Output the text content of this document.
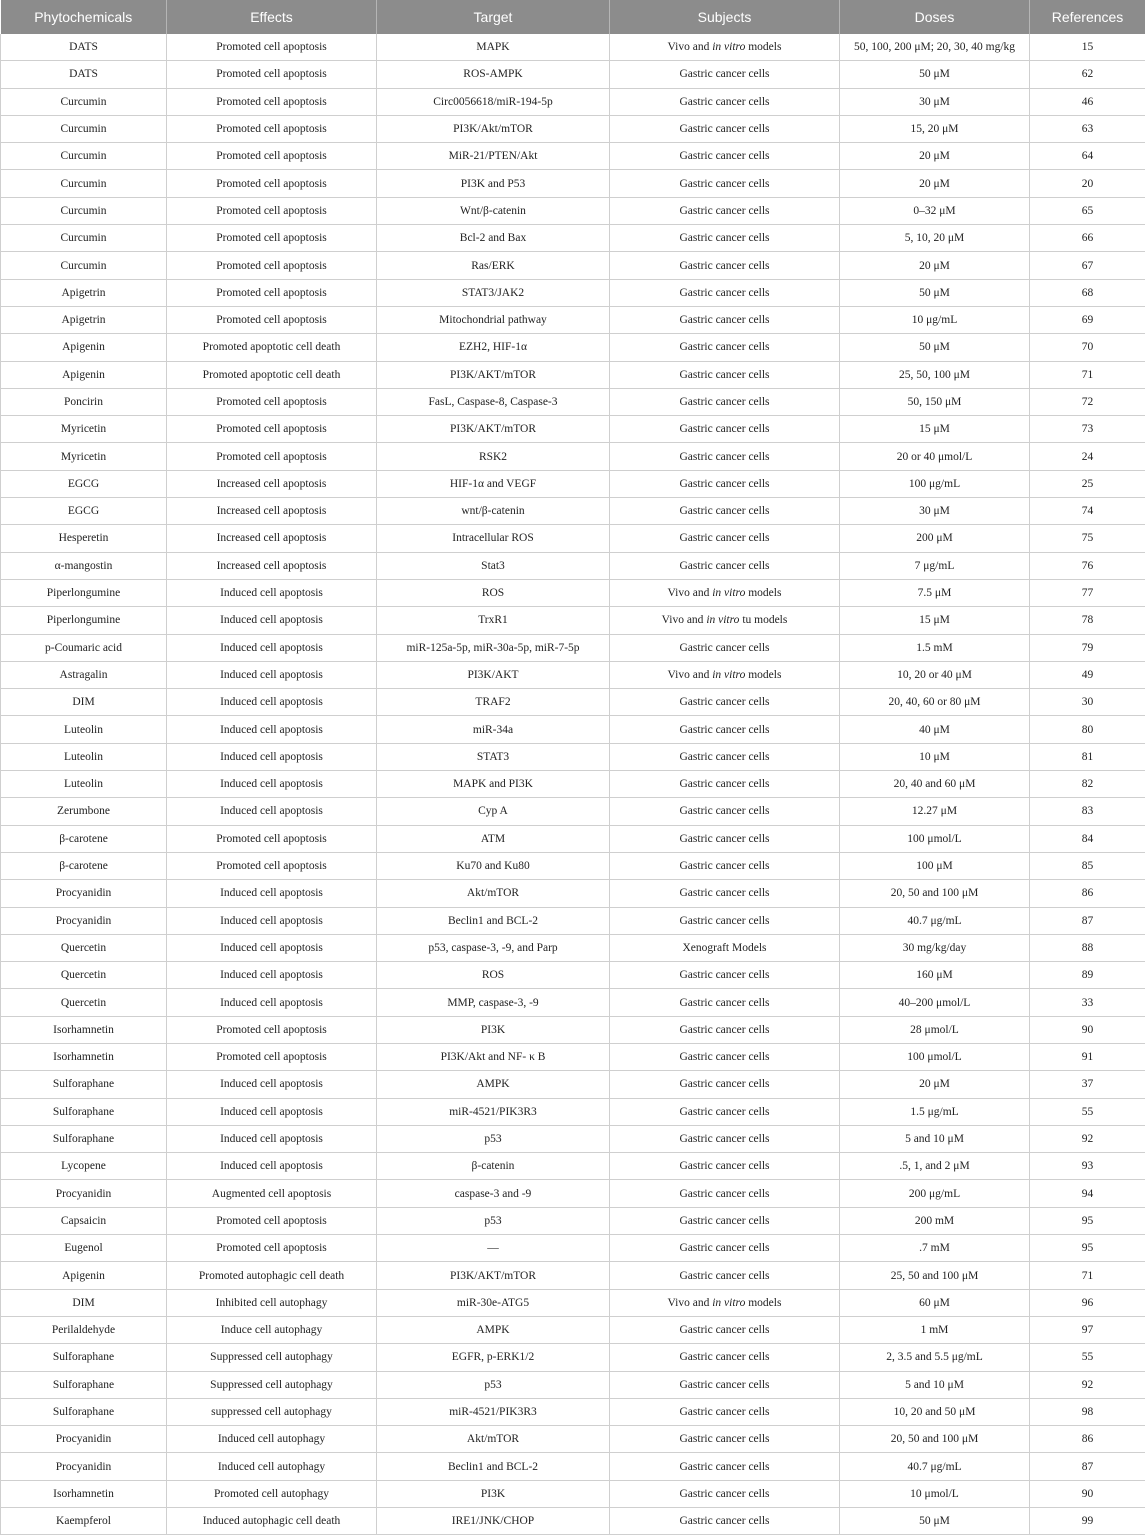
Phytochemicals	Effects	Target	Subjects	Doses	References
DATS	Promoted cell apoptosis	MAPK	Vivo and in vitro models	50, 100, 200 μM; 20, 30, 40 mg/kg	15
DATS	Promoted cell apoptosis	ROS-AMPK	Gastric cancer cells	50 μM	62
Curcumin	Promoted cell apoptosis	Circ0056618/miR-194-5p	Gastric cancer cells	30 μM	46
Curcumin	Promoted cell apoptosis	PI3K/Akt/mTOR	Gastric cancer cells	15, 20 μM	63
Curcumin	Promoted cell apoptosis	MiR-21/PTEN/Akt	Gastric cancer cells	20 μM	64
Curcumin	Promoted cell apoptosis	PI3K and P53	Gastric cancer cells	20 μM	20
Curcumin	Promoted cell apoptosis	Wnt/β-catenin	Gastric cancer cells	0–32 μM	65
Curcumin	Promoted cell apoptosis	Bcl-2 and Bax	Gastric cancer cells	5, 10, 20 μM	66
Curcumin	Promoted cell apoptosis	Ras/ERK	Gastric cancer cells	20 μM	67
Apigetrin	Promoted cell apoptosis	STAT3/JAK2	Gastric cancer cells	50 μM	68
Apigetrin	Promoted cell apoptosis	Mitochondrial pathway	Gastric cancer cells	10 μg/mL	69
Apigenin	Promoted apoptotic cell death	EZH2, HIF-1α	Gastric cancer cells	50 μM	70
Apigenin	Promoted apoptotic cell death	PI3K/AKT/mTOR	Gastric cancer cells	25, 50, 100 μM	71
Poncirin	Promoted cell apoptosis	FasL, Caspase-8, Caspase-3	Gastric cancer cells	50, 150 μM	72
Myricetin	Promoted cell apoptosis	PI3K/AKT/mTOR	Gastric cancer cells	15 μM	73
Myricetin	Promoted cell apoptosis	RSK2	Gastric cancer cells	20 or 40 μmol/L	24
EGCG	Increased cell apoptosis	HIF-1α and VEGF	Gastric cancer cells	100 μg/mL	25
EGCG	Increased cell apoptosis	wnt/β-catenin	Gastric cancer cells	30 μM	74
Hesperetin	Increased cell apoptosis	Intracellular ROS	Gastric cancer cells	200 μM	75
α-mangostin	Increased cell apoptosis	Stat3	Gastric cancer cells	7 μg/mL	76
Piperlongumine	Induced cell apoptosis	ROS	Vivo and in vitro models	7.5 μM	77
Piperlongumine	Induced cell apoptosis	TrxR1	Vivo and in vitro tu models	15 μM	78
p-Coumaric acid	Induced cell apoptosis	miR-125a-5p, miR-30a-5p, miR-7-5p	Gastric cancer cells	1.5 mM	79
Astragalin	Induced cell apoptosis	PI3K/AKT	Vivo and in vitro models	10, 20 or 40 μM	49
DIM	Induced cell apoptosis	TRAF2	Gastric cancer cells	20, 40, 60 or 80 μM	30
Luteolin	Induced cell apoptosis	miR-34a	Gastric cancer cells	40 μM	80
Luteolin	Induced cell apoptosis	STAT3	Gastric cancer cells	10 μM	81
Luteolin	Induced cell apoptosis	MAPK and PI3K	Gastric cancer cells	20, 40 and 60 μM	82
Zerumbone	Induced cell apoptosis	Cyp A	Gastric cancer cells	12.27 μM	83
β-carotene	Promoted cell apoptosis	ATM	Gastric cancer cells	100 μmol/L	84
β-carotene	Promoted cell apoptosis	Ku70 and Ku80	Gastric cancer cells	100 μM	85
Procyanidin	Induced cell apoptosis	Akt/mTOR	Gastric cancer cells	20, 50 and 100 μM	86
Procyanidin	Induced cell apoptosis	Beclin1 and BCL-2	Gastric cancer cells	40.7 μg/mL	87
Quercetin	Induced cell apoptosis	p53, caspase-3, -9, and Parp	Xenograft Models	30 mg/kg/day	88
Quercetin	Induced cell apoptosis	ROS	Gastric cancer cells	160 μM	89
Quercetin	Induced cell apoptosis	MMP, caspase-3, -9	Gastric cancer cells	40–200 μmol/L	33
Isorhamnetin	Promoted cell apoptosis	PI3K	Gastric cancer cells	28 μmol/L	90
Isorhamnetin	Promoted cell apoptosis	PI3K/Akt and NF- κ B	Gastric cancer cells	100 μmol/L	91
Sulforaphane	Induced cell apoptosis	AMPK	Gastric cancer cells	20 μM	37
Sulforaphane	Induced cell apoptosis	miR-4521/PIK3R3	Gastric cancer cells	1.5 μg/mL	55
Sulforaphane	Induced cell apoptosis	p53	Gastric cancer cells	5 and 10 μM	92
Lycopene	Induced cell apoptosis	β-catenin	Gastric cancer cells	.5, 1, and 2 μM	93
Procyanidin	Augmented cell apoptosis	caspase-3 and -9	Gastric cancer cells	200 μg/mL	94
Capsaicin	Promoted cell apoptosis	p53	Gastric cancer cells	200 mM	95
Eugenol	Promoted cell apoptosis	—	Gastric cancer cells	.7 mM	95
Apigenin	Promoted autophagic cell death	PI3K/AKT/mTOR	Gastric cancer cells	25, 50 and 100 μM	71
DIM	Inhibited cell autophagy	miR-30e-ATG5	Vivo and in vitro models	60 μM	96
Perilaldehyde	Induce cell autophagy	AMPK	Gastric cancer cells	1 mM	97
Sulforaphane	Suppressed cell autophagy	EGFR, p-ERK1/2	Gastric cancer cells	2, 3.5 and 5.5 μg/mL	55
Sulforaphane	Suppressed cell autophagy	p53	Gastric cancer cells	5 and 10 μM	92
Sulforaphane	suppressed cell autophagy	miR-4521/PIK3R3	Gastric cancer cells	10, 20 and 50 μM	98
Procyanidin	Induced cell autophagy	Akt/mTOR	Gastric cancer cells	20, 50 and 100 μM	86
Procyanidin	Induced cell autophagy	Beclin1 and BCL-2	Gastric cancer cells	40.7 μg/mL	87
Isorhamnetin	Promoted cell autophagy	PI3K	Gastric cancer cells	10 μmol/L	90
Kaempferol	Induced autophagic cell death	IRE1/JNK/CHOP	Gastric cancer cells	50 μM	99
